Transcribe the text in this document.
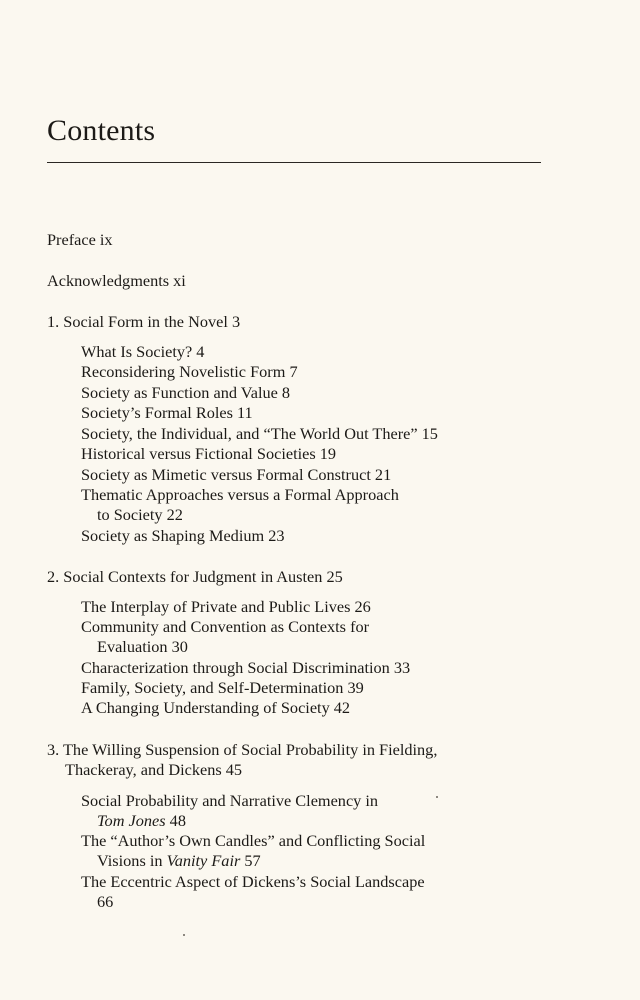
Contents
Preface ix
Acknowledgments xi
1. Social Form in the Novel 3
What Is Society? 4
Reconsidering Novelistic Form 7
Society as Function and Value 8
Society’s Formal Roles 11
Society, the Individual, and “The World Out There” 15
Historical versus Fictional Societies 19
Society as Mimetic versus Formal Construct 21
Thematic Approaches versus a Formal Approach
to Society 22
Society as Shaping Medium 23
2. Social Contexts for Judgment in Austen 25
The Interplay of Private and Public Lives 26
Community and Convention as Contexts for
Evaluation 30
Characterization through Social Discrimination 33
Family, Society, and Self-Determination 39
A Changing Understanding of Society 42
3. The Willing Suspension of Social Probability in Fielding,
Thackeray, and Dickens 45
Social Probability and Narrative Clemency in
Tom Jones 48
The “Author’s Own Candles” and Conflicting Social
Visions in Vanity Fair 57
The Eccentric Aspect of Dickens’s Social Landscape
66
